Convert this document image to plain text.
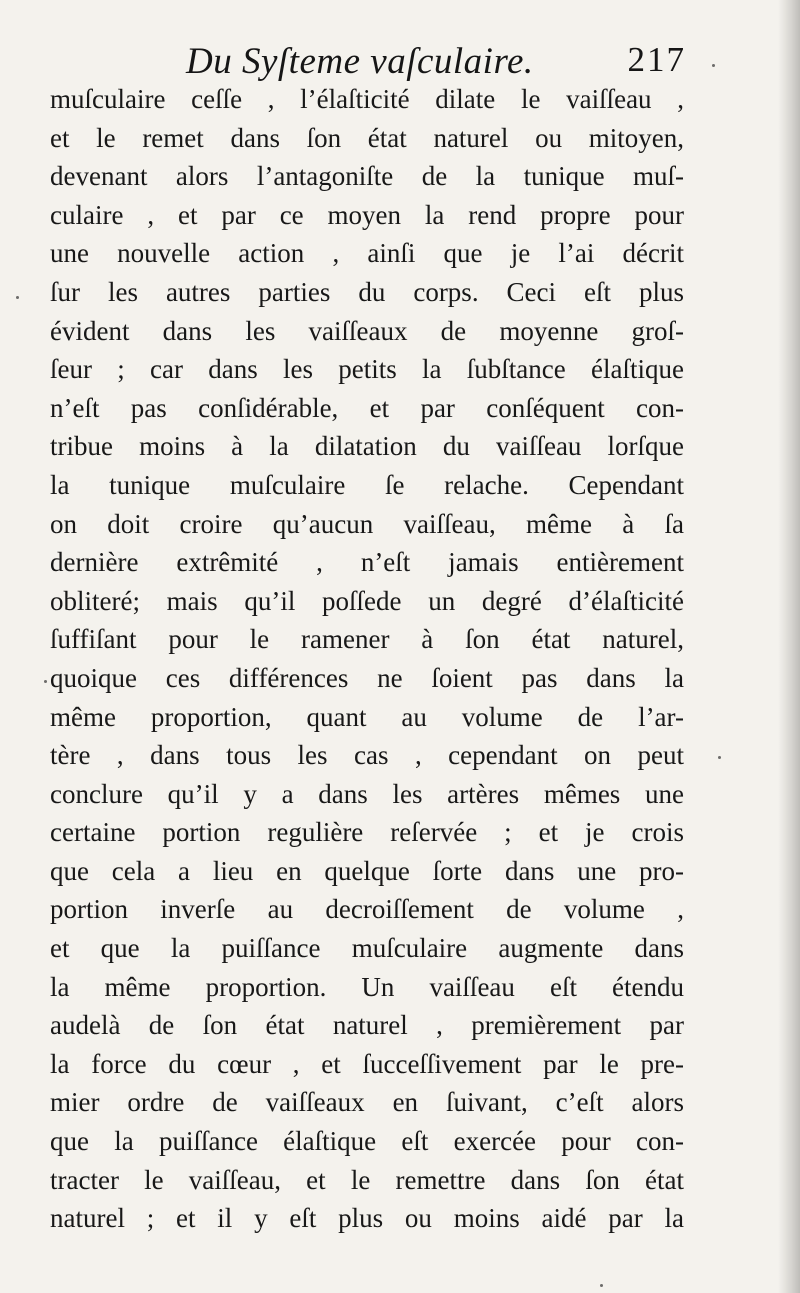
Du Syſteme vaſculaire.	217
muſculaire ceſſe , l’élaſticité dilate le vaiſſeau ,
et le remet dans ſon état naturel ou mitoyen,
devenant alors l’antagoniſte de la tunique muſ-
culaire , et par ce moyen la rend propre pour
une nouvelle action , ainſi que je l’ai décrit
ſur les autres parties du corps. Ceci eſt plus
évident dans les vaiſſeaux de moyenne groſ-
ſeur ; car dans les petits la ſubſtance élaſtique
n’eſt pas conſidérable, et par conſéquent con-
tribue moins à la dilatation du vaiſſeau lorſque
la tunique muſculaire ſe relache. Cependant
on doit croire qu’aucun vaiſſeau, même à ſa
dernière extrêmité , n’eſt jamais entièrement
obliteré; mais qu’il poſſede un degré d’élaſticité
ſuffiſant pour le ramener à ſon état naturel,
quoique ces différences ne ſoient pas dans la
même proportion, quant au volume de l’ar-
tère , dans tous les cas , cependant on peut
conclure qu’il y a dans les artères mêmes une
certaine portion regulière reſervée ; et je crois
que cela a lieu en quelque ſorte dans une pro-
portion inverſe au decroiſſement de volume ,
et que la puiſſance muſculaire augmente dans
la même proportion. Un vaiſſeau eſt étendu
audelà de ſon état naturel , premièrement par
la force du cœur , et ſucceſſivement par le pre-
mier ordre de vaiſſeaux en ſuivant, c’eſt alors
que la puiſſance élaſtique eſt exercée pour con-
tracter le vaiſſeau, et le remettre dans ſon état
naturel ; et il y eſt plus ou moins aidé par la
